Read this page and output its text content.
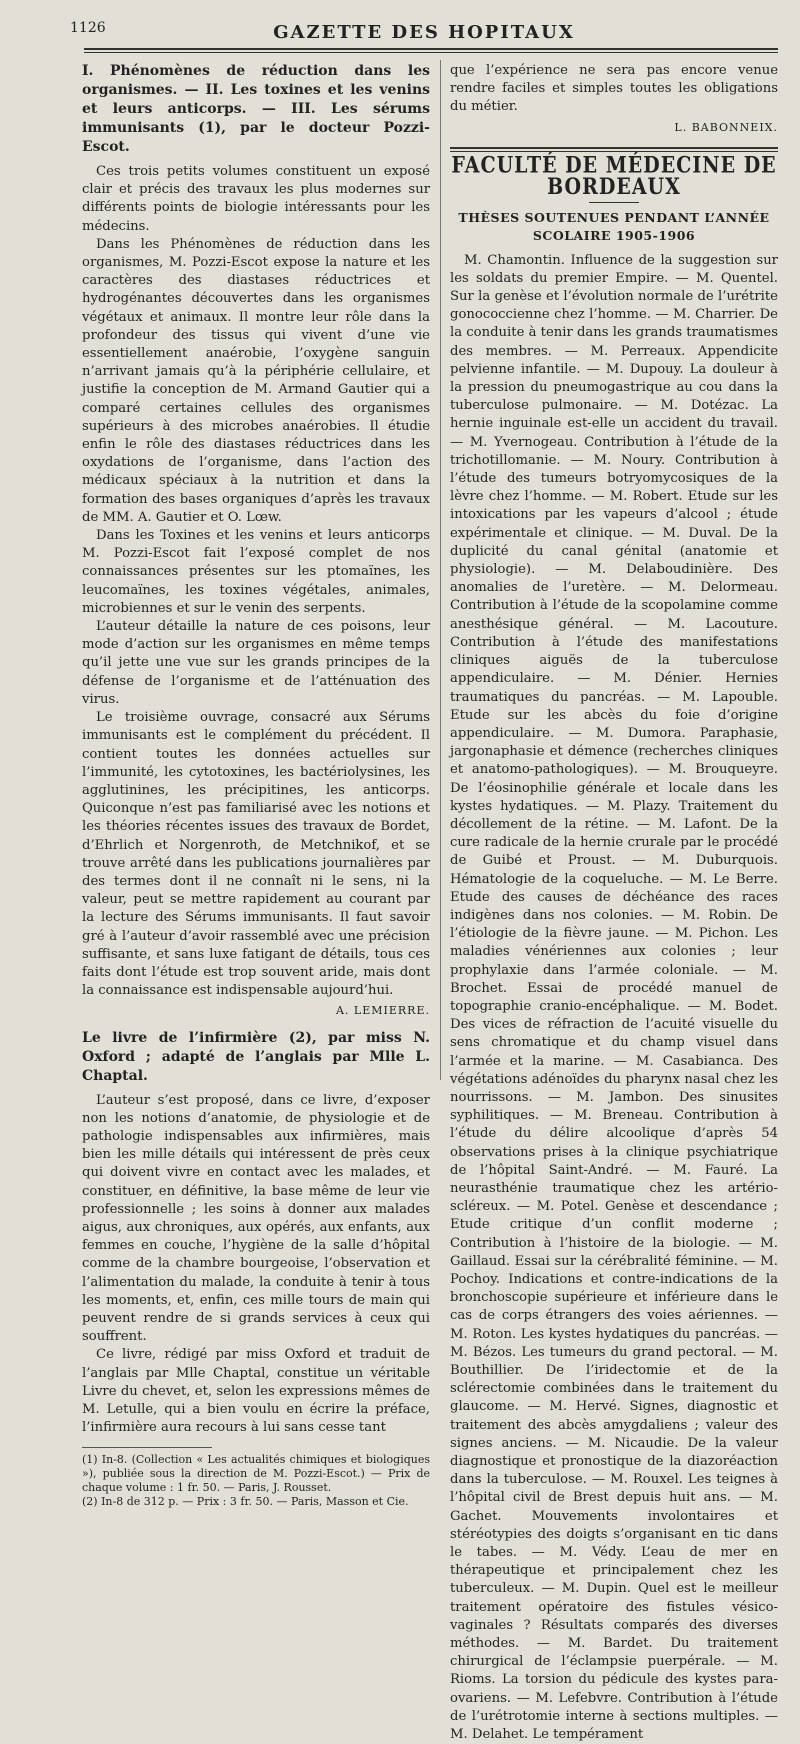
1126	GAZETTE DES HOPITAUX

I. Phénomènes de réduction dans les organismes. — II. Les toxines et les venins et leurs anticorps. — III. Les sérums immunisants (1), par le docteur Pozzi-Escot.

Ces trois petits volumes constituent un exposé clair et précis des travaux les plus modernes sur différents points de biologie intéressants pour les médecins.

Dans les Phénomènes de réduction dans les organismes, M. Pozzi-Escot expose la nature et les caractères des diastases réductrices et hydrogénantes découvertes dans les organismes végétaux et animaux. Il montre leur rôle dans la profondeur des tissus qui vivent d’une vie essentiellement anaérobie, l’oxygène sanguin n’arrivant jamais qu’à la périphérie cellulaire, et justifie la conception de M. Armand Gautier qui a comparé certaines cellules des organismes supérieurs à des microbes anaérobies. Il étudie enfin le rôle des diastases réductrices dans les oxydations de l’organisme, dans l’action des médicaux spéciaux à la nutrition et dans la formation des bases organiques d’après les travaux de MM. A. Gautier et O. Lœw.

Dans les Toxines et les venins et leurs anticorps M. Pozzi-Escot fait l’exposé complet de nos connaissances présentes sur les ptomaïnes, les leucomaïnes, les toxines végétales, animales, microbiennes et sur le venin des serpents.

L’auteur détaille la nature de ces poisons, leur mode d’action sur les organismes en même temps qu’il jette une vue sur les grands principes de la défense de l’organisme et de l’atténuation des virus.

Le troisième ouvrage, consacré aux Sérums immunisants est le complément du précédent. Il contient toutes les données actuelles sur l’immunité, les cytotoxines, les bactériolysines, les agglutinines, les précipitines, les anticorps. Quiconque n’est pas familiarisé avec les notions et les théories récentes issues des travaux de Bordet, d’Ehrlich et Norgenroth, de Metchnikof, et se trouve arrêté dans les publications journalières par des termes dont il ne connaît ni le sens, ni la valeur, peut se mettre rapidement au courant par la lecture des Sérums immunisants. Il faut savoir gré à l’auteur d’avoir rassemblé avec une précision suffisante, et sans luxe fatigant de détails, tous ces faits dont l’étude est trop souvent aride, mais dont la connaissance est indispensable aujourd’hui.

A. LEMIERRE.

Le livre de l’infirmière (2), par miss N. Oxford ; adapté de l’anglais par Mlle L. Chaptal.

L’auteur s’est proposé, dans ce livre, d’exposer non les notions d’anatomie, de physiologie et de pathologie indispensables aux infirmières, mais bien les mille détails qui intéressent de près ceux qui doivent vivre en contact avec les malades, et constituer, en définitive, la base même de leur vie professionnelle ; les soins à donner aux malades aigus, aux chroniques, aux opérés, aux enfants, aux femmes en couche, l’hygiène de la salle d’hôpital comme de la chambre bourgeoise, l’observation et l’alimentation du malade, la conduite à tenir à tous les moments, et, enfin, ces mille tours de main qui peuvent rendre de si grands services à ceux qui souffrent.

Ce livre, rédigé par miss Oxford et traduit de l’anglais par Mlle Chaptal, constitue un véritable Livre du chevet, et, selon les expressions mêmes de M. Letulle, qui a bien voulu en écrire la préface, l’infirmière aura recours à lui sans cesse tant

(1) In-8. (Collection « Les actualités chimiques et biologiques »), publiée sous la direction de M. Pozzi-Escot.) — Prix de chaque volume : 1 fr. 50. — Paris, J. Rousset.

(2) In-8 de 312 p. — Prix : 3 fr. 50. — Paris, Masson et Cie.

que l’expérience ne sera pas encore venue rendre faciles et simples toutes les obligations du métier.

L. BABONNEIX.

FACULTÉ DE MÉDECINE DE BORDEAUX
THÈSES SOUTENUES PENDANT L’ANNÉE SCOLAIRE 1905-1906

M. Chamontin. Influence de la suggestion sur les soldats du premier Empire. — M. Quentel. Sur la genèse et l’évolution normale de l’urétrite gonococcienne chez l’homme. — M. Charrier. De la conduite à tenir dans les grands traumatismes des membres. — M. Perreaux. Appendicite pelvienne infantile. — M. Dupouy. La douleur à la pression du pneumogastrique au cou dans la tuberculose pulmonaire. — M. Dotézac. La hernie inguinale est-elle un accident du travail. — M. Yvernogeau. Contribution à l’étude de la trichotillomanie. — M. Noury. Contribution à l’étude des tumeurs botryomycosiques de la lèvre chez l’homme. — M. Robert. Etude sur les intoxications par les vapeurs d’alcool ; étude expérimentale et clinique. — M. Duval. De la duplicité du canal génital (anatomie et physiologie). — M. Delaboudinière. Des anomalies de l’uretère. — M. Delormeau. Contribution à l’étude de la scopolamine comme anesthésique général. — M. Lacouture. Contribution à l’étude des manifestations cliniques aiguës de la tuberculose appendiculaire. — M. Dénier. Hernies traumatiques du pancréas. — M. Lapouble. Etude sur les abcès du foie d’origine appendiculaire. — M. Dumora. Paraphasie, jargonaphasie et démence (recherches cliniques et anatomo-pathologiques). — M. Brouqueyre. De l’éosinophilie générale et locale dans les kystes hydatiques. — M. Plazy. Traitement du décollement de la rétine. — M. Lafont. De la cure radicale de la hernie crurale par le procédé de Guibé et Proust. — M. Duburquois. Hématologie de la coqueluche. — M. Le Berre. Etude des causes de déchéance des races indigènes dans nos colonies. — M. Robin. De l’étiologie de la fièvre jaune. — M. Pichon. Les maladies vénériennes aux colonies ; leur prophylaxie dans l’armée coloniale. — M. Brochet. Essai de procédé manuel de topographie cranio-encéphalique. — M. Bodet. Des vices de réfraction de l’acuité visuelle du sens chromatique et du champ visuel dans l’armée et la marine. — M. Casabianca. Des végétations adénoïdes du pharynx nasal chez les nourrissons. — M. Jambon. Des sinusites syphilitiques. — M. Breneau. Contribution à l’étude du délire alcoolique d’après 54 observations prises à la clinique psychiatrique de l’hôpital Saint-André. — M. Fauré. La neurasthénie traumatique chez les artério-scléreux. — M. Potel. Genèse et descendance ; Etude critique d’un conflit moderne ; Contribution à l’histoire de la biologie. — M. Gaillaud. Essai sur la cérébralité féminine. — M. Pochoy. Indications et contre-indications de la bronchoscopie supérieure et inférieure dans le cas de corps étrangers des voies aériennes. — M. Roton. Les kystes hydatiques du pancréas. — M. Bézos. Les tumeurs du grand pectoral. — M. Bouthillier. De l’iridectomie et de la sclérectomie combinées dans le traitement du glaucome. — M. Hervé. Signes, diagnostic et traitement des abcès amygdaliens ; valeur des signes anciens. — M. Nicaudie. De la valeur diagnostique et pronostique de la diazoréaction dans la tuberculose. — M. Rouxel. Les teignes à l’hôpital civil de Brest depuis huit ans. — M. Gachet. Mouvements involontaires et stéréotypies des doigts s’organisant en tic dans le tabes. — M. Védy. L’eau de mer en thérapeutique et principalement chez les tuberculeux. — M. Dupin. Quel est le meilleur traitement opératoire des fistules vésico-vaginales ? Résultats comparés des diverses méthodes. — M. Bardet. Du traitement chirurgical de l’éclampsie puerpérale. — M. Rioms. La torsion du pédicule des kystes para-ovariens. — M. Lefebvre. Contribution à l’étude de l’urétrotomie interne à sections multiples. — M. Delahet. Le tempérament
